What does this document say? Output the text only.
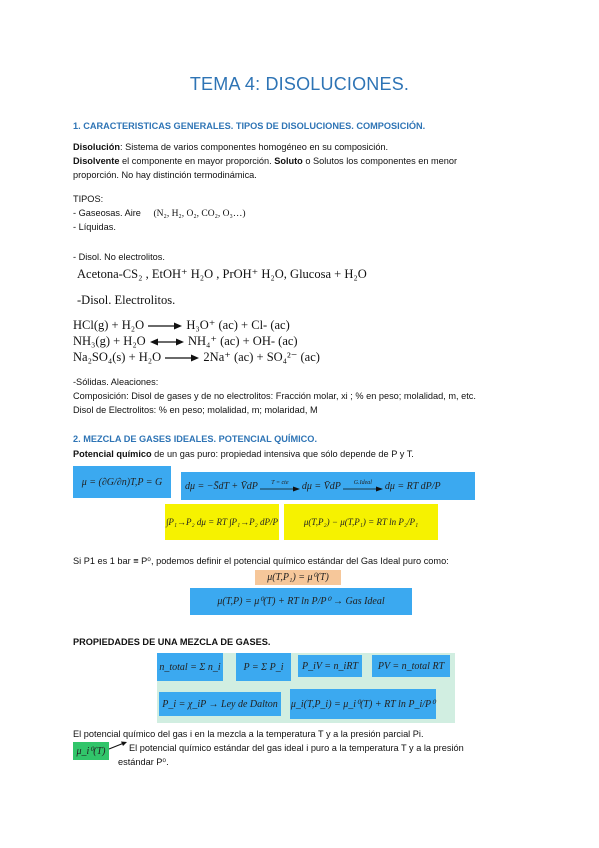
TEMA 4: DISOLUCIONES.
1. CARACTERISTICAS GENERALES. TIPOS DE DISOLUCIONES. COMPOSICIÓN.
Disolución: Sistema de varios componentes homogéneo en su composición.
Disolvente el componente en mayor proporción. Soluto o Solutos los componentes en menor
proporción. No hay distinción termodinámica.
TIPOS:
- Gaseosas. Aire (N₂, H₂, O₂, CO₂, O₃…)
- Líquidas.
- Disol. No electrolitos.
Acetona-CS₂ , EtOH⁺ H₂O , PrOH⁺ H₂O, Glucosa + H₂O
-Disol. Electrolitos.
HCl(g) + H₂O	H₃O⁺ (ac) + Cl- (ac)
NH₃(g) + H₂O	NH₄⁺ (ac) + OH- (ac)
Na₂SO₄(s) + H₂O	2Na⁺ (ac) + SO₄²⁻ (ac)
-Sólidas. Aleaciones:
Composición: Disol de gases y de no electrolitos: Fracción molar, xi ; % en peso; molalidad, m, etc.
Disol de Electrolitos: % en peso; molalidad, m; molaridad, M
2. MEZCLA DE GASES IDEALES. POTENCIAL QUÍMICO.
Potencial químico de un gas puro: propiedad intensiva que sólo depende de P y T.
μ = (∂G/∂n)T,P = G	dμ = −S̄dT + V̄dP T = cte dμ = V̄dP G.Ideal dμ = RT dP/P
∫P₁→P₂ dμ = RT ∫P₁→P₂ dP/P	μ(T,P₂) − μ(T,P₁) = RT ln P₂/P₁
Si P1 es 1 bar ≡ P⁰, podemos definir el potencial químico estándar del Gas Ideal puro como:
μ(T,P₁) = μ⁰(T)
μ(T,P) = μ⁰(T) + RT ln P/P⁰ → Gas Ideal
PROPIEDADES DE UNA MEZCLA DE GASES.
n_total = Σ n_i	P = Σ P_i	P_iV = n_iRT	PV = n_total RT
P_i = χ_iP → Ley de Dalton	μ_i(T,P_i) = μ_i⁰(T) + RT ln P_i/P⁰
El potencial químico del gas i en la mezcla a la temperatura T y a la presión parcial Pi.
μ_i⁰(T)	El potencial químico estándar del gas ideal i puro a la temperatura T y a la presión
estándar P⁰.
